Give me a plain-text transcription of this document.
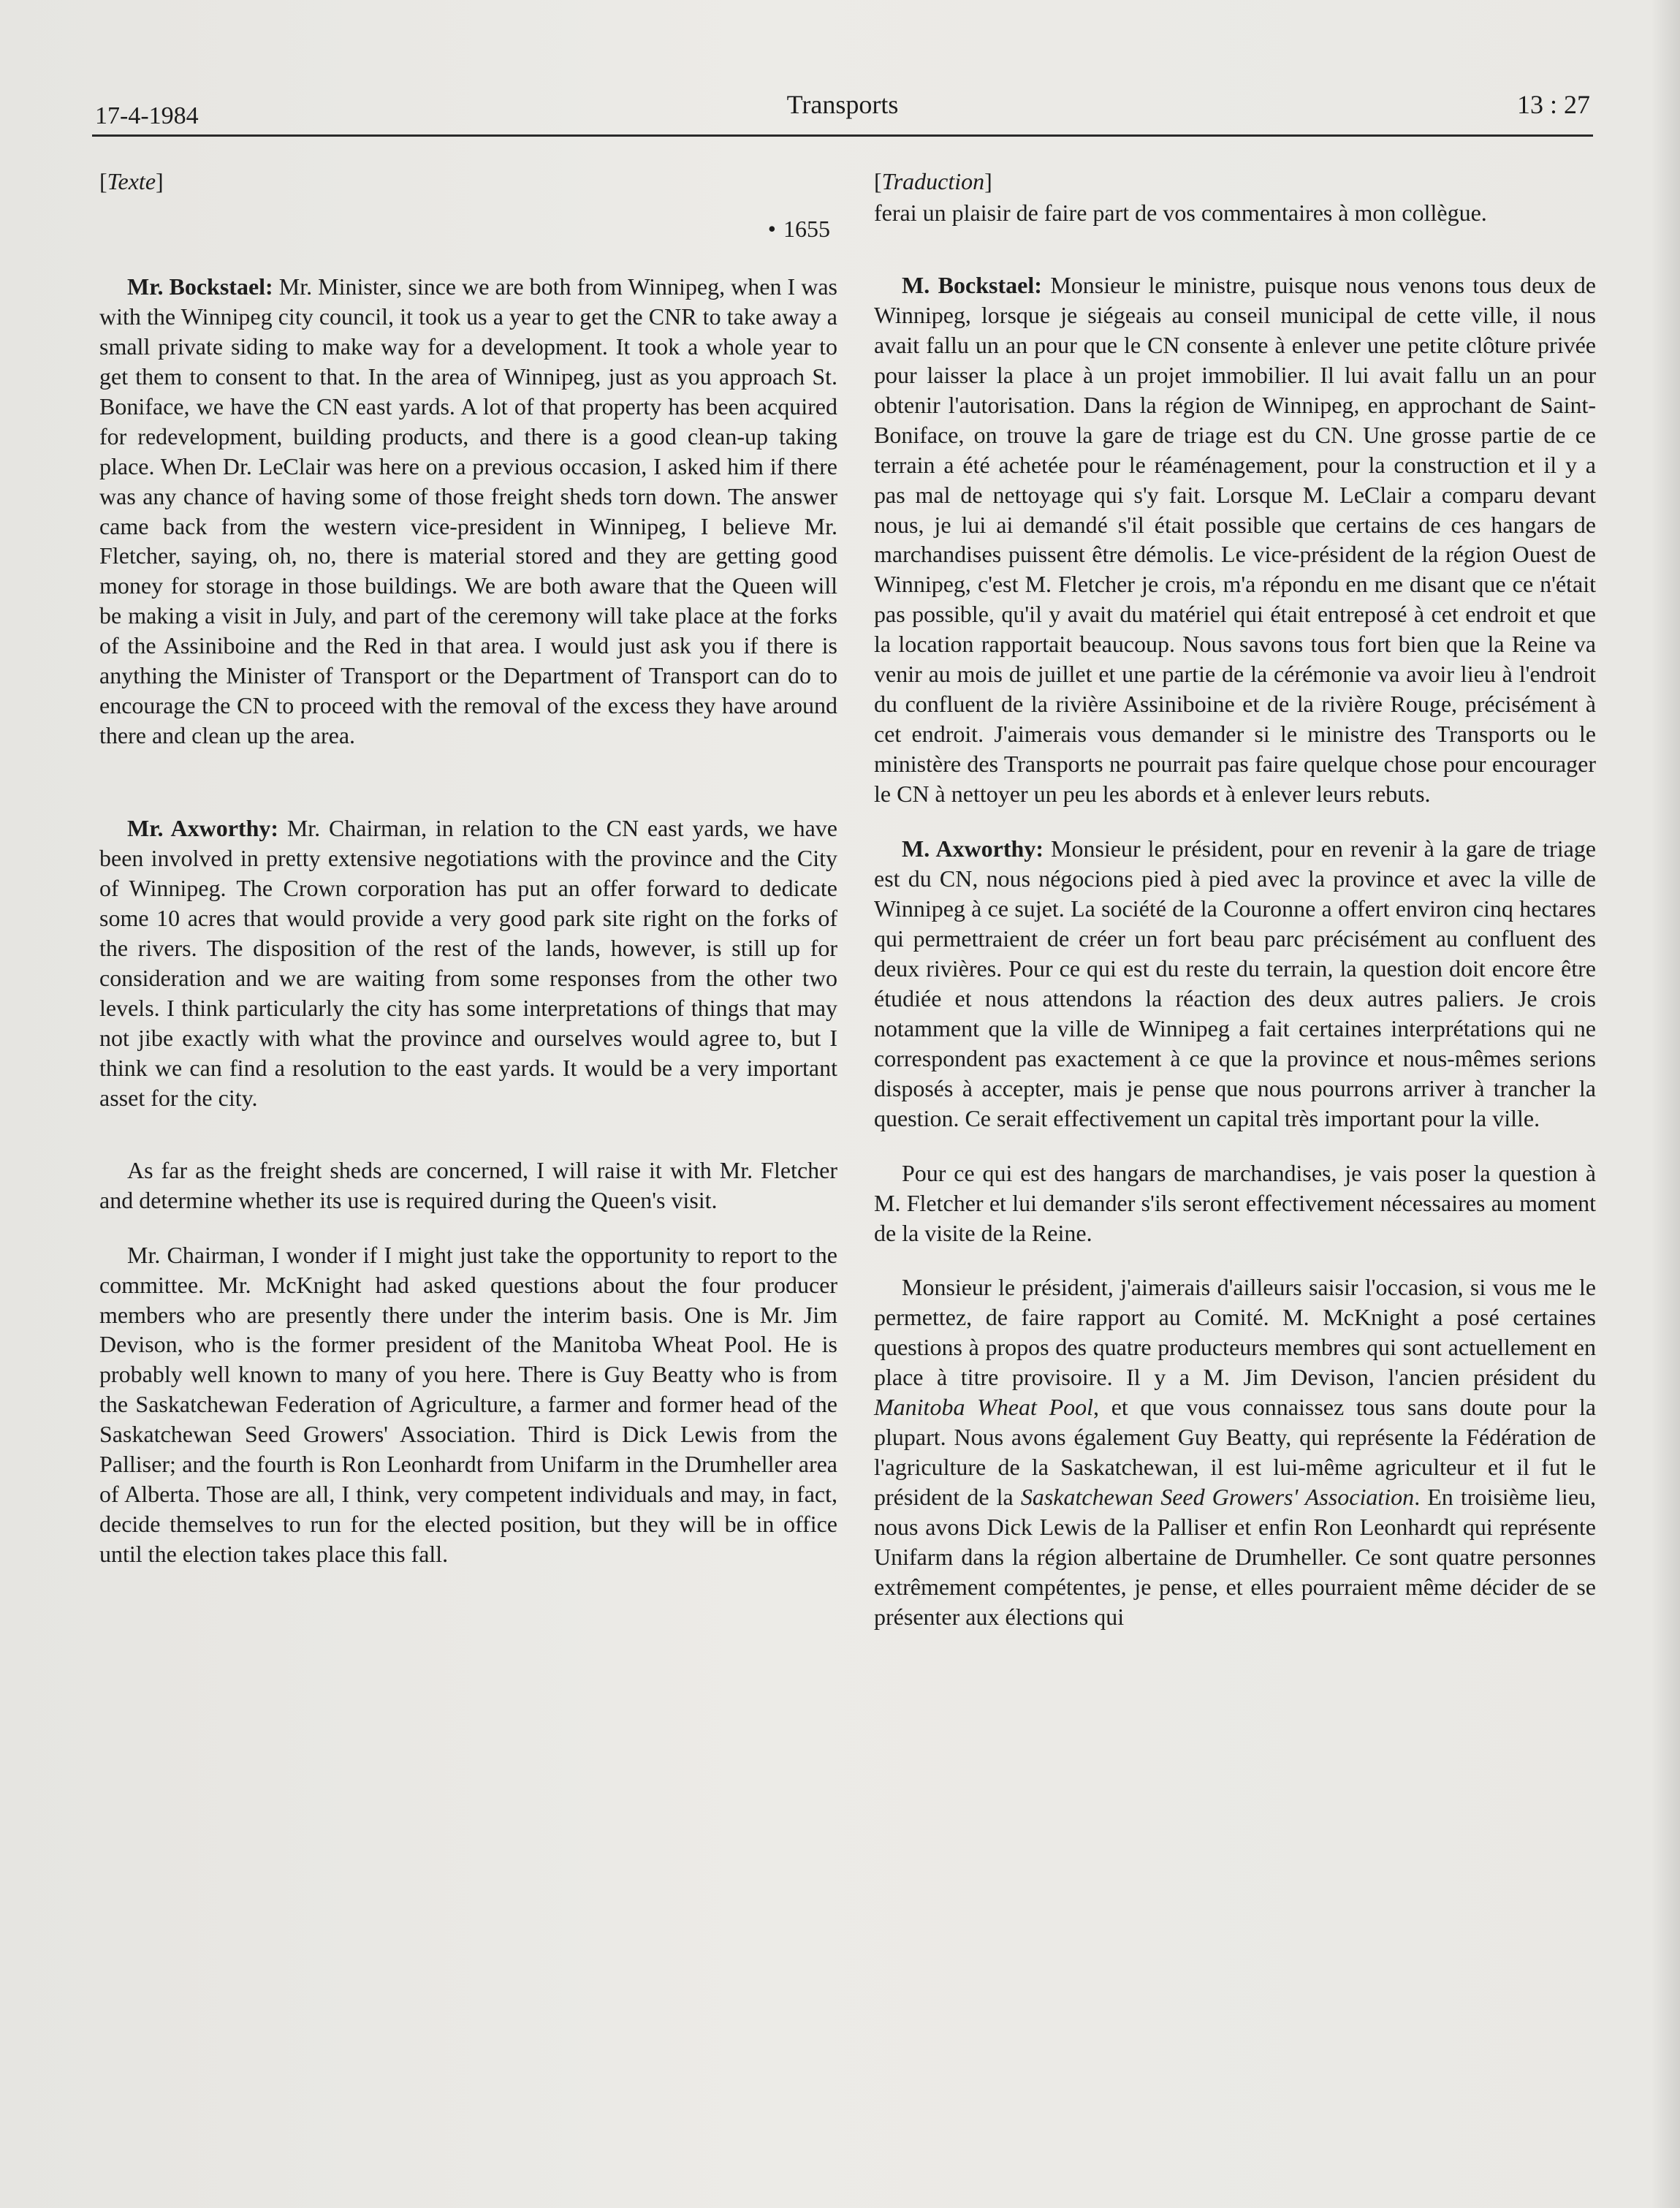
17-4-1984	Transports	13 : 27
[Texte]
• 1655

Mr. Bockstael: Mr. Minister, since we are both from Winnipeg, when I was with the Winnipeg city council, it took us a year to get the CNR to take away a small private siding to make way for a development. It took a whole year to get them to consent to that. In the area of Winnipeg, just as you approach St. Boniface, we have the CN east yards. A lot of that property has been acquired for redevelopment, building products, and there is a good clean-up taking place. When Dr. LeClair was here on a previous occasion, I asked him if there was any chance of having some of those freight sheds torn down. The answer came back from the western vice-president in Winnipeg, I believe Mr. Fletcher, saying, oh, no, there is material stored and they are getting good money for storage in those buildings. We are both aware that the Queen will be making a visit in July, and part of the ceremony will take place at the forks of the Assiniboine and the Red in that area. I would just ask you if there is anything the Minister of Transport or the Department of Transport can do to encourage the CN to proceed with the removal of the excess they have around there and clean up the area.

Mr. Axworthy: Mr. Chairman, in relation to the CN east yards, we have been involved in pretty extensive negotiations with the province and the City of Winnipeg. The Crown corporation has put an offer forward to dedicate some 10 acres that would provide a very good park site right on the forks of the rivers. The disposition of the rest of the lands, however, is still up for consideration and we are waiting from some responses from the other two levels. I think particularly the city has some interpretations of things that may not jibe exactly with what the province and ourselves would agree to, but I think we can find a resolution to the east yards. It would be a very important asset for the city.

As far as the freight sheds are concerned, I will raise it with Mr. Fletcher and determine whether its use is required during the Queen's visit.

Mr. Chairman, I wonder if I might just take the opportunity to report to the committee. Mr. McKnight had asked questions about the four producer members who are presently there under the interim basis. One is Mr. Jim Devison, who is the former president of the Manitoba Wheat Pool. He is probably well known to many of you here. There is Guy Beatty who is from the Saskatchewan Federation of Agriculture, a farmer and former head of the Saskatchewan Seed Growers' Association. Third is Dick Lewis from the Palliser; and the fourth is Ron Leonhardt from Unifarm in the Drumheller area of Alberta. Those are all, I think, very competent individuals and may, in fact, decide themselves to run for the elected position, but they will be in office until the election takes place this fall.

[Traduction]

ferai un plaisir de faire part de vos commentaires à mon collègue.

M. Bockstael: Monsieur le ministre, puisque nous venons tous deux de Winnipeg, lorsque je siégeais au conseil municipal de cette ville, il nous avait fallu un an pour que le CN consente à enlever une petite clôture privée pour laisser la place à un projet immobilier. Il lui avait fallu un an pour obtenir l'autorisation. Dans la région de Winnipeg, en approchant de Saint-Boniface, on trouve la gare de triage est du CN. Une grosse partie de ce terrain a été achetée pour le réaménagement, pour la construction et il y a pas mal de nettoyage qui s'y fait. Lorsque M. LeClair a comparu devant nous, je lui ai demandé s'il était possible que certains de ces hangars de marchandises puissent être démolis. Le vice-président de la région Ouest de Winnipeg, c'est M. Fletcher je crois, m'a répondu en me disant que ce n'était pas possible, qu'il y avait du matériel qui était entreposé à cet endroit et que la location rapportait beaucoup. Nous savons tous fort bien que la Reine va venir au mois de juillet et une partie de la cérémonie va avoir lieu à l'endroit du confluent de la rivière Assiniboine et de la rivière Rouge, précisément à cet endroit. J'aimerais vous demander si le ministre des Transports ou le ministère des Transports ne pourrait pas faire quelque chose pour encourager le CN à nettoyer un peu les abords et à enlever leurs rebuts.

M. Axworthy: Monsieur le président, pour en revenir à la gare de triage est du CN, nous négocions pied à pied avec la province et avec la ville de Winnipeg à ce sujet. La société de la Couronne a offert environ cinq hectares qui permettraient de créer un fort beau parc précisément au confluent des deux rivières. Pour ce qui est du reste du terrain, la question doit encore être étudiée et nous attendons la réaction des deux autres paliers. Je crois notamment que la ville de Winnipeg a fait certaines interprétations qui ne correspondent pas exactement à ce que la province et nous-mêmes serions disposés à accepter, mais je pense que nous pourrons arriver à trancher la question. Ce serait effectivement un capital très important pour la ville.

Pour ce qui est des hangars de marchandises, je vais poser la question à M. Fletcher et lui demander s'ils seront effectivement nécessaires au moment de la visite de la Reine.

Monsieur le président, j'aimerais d'ailleurs saisir l'occasion, si vous me le permettez, de faire rapport au Comité. M. McKnight a posé certaines questions à propos des quatre producteurs membres qui sont actuellement en place à titre provisoire. Il y a M. Jim Devison, l'ancien président du Manitoba Wheat Pool, et que vous connaissez tous sans doute pour la plupart. Nous avons également Guy Beatty, qui représente la Fédération de l'agriculture de la Saskatchewan, il est lui-même agriculteur et il fut le président de la Saskatchewan Seed Growers' Association. En troisième lieu, nous avons Dick Lewis de la Palliser et enfin Ron Leonhardt qui représente Unifarm dans la région albertaine de Drumheller. Ce sont quatre personnes extrêmement compétentes, je pense, et elles pourraient même décider de se présenter aux élections qui
